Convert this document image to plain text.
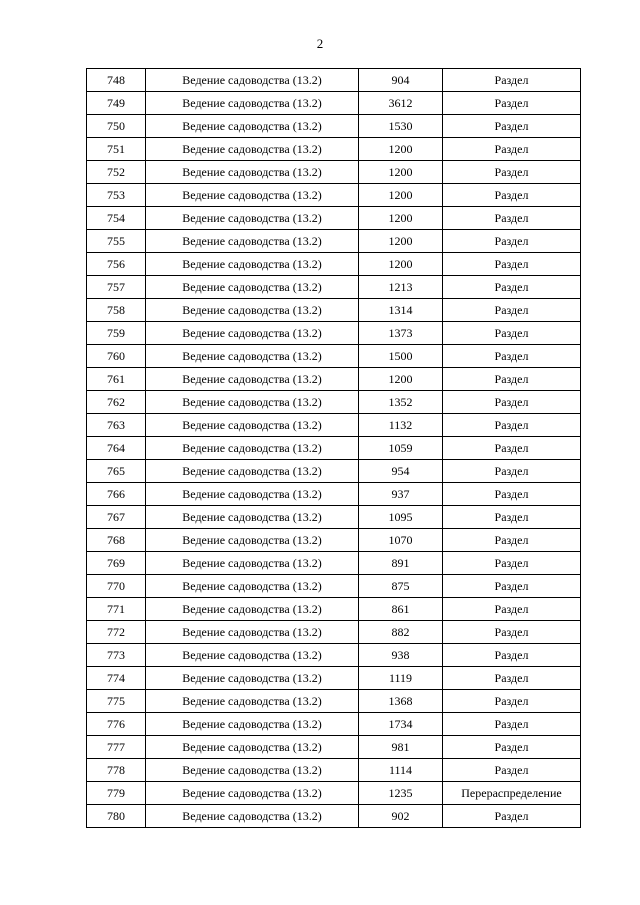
2
748	Ведение садоводства (13.2)	904	Раздел
749	Ведение садоводства (13.2)	3612	Раздел
750	Ведение садоводства (13.2)	1530	Раздел
751	Ведение садоводства (13.2)	1200	Раздел
752	Ведение садоводства (13.2)	1200	Раздел
753	Ведение садоводства (13.2)	1200	Раздел
754	Ведение садоводства (13.2)	1200	Раздел
755	Ведение садоводства (13.2)	1200	Раздел
756	Ведение садоводства (13.2)	1200	Раздел
757	Ведение садоводства (13.2)	1213	Раздел
758	Ведение садоводства (13.2)	1314	Раздел
759	Ведение садоводства (13.2)	1373	Раздел
760	Ведение садоводства (13.2)	1500	Раздел
761	Ведение садоводства (13.2)	1200	Раздел
762	Ведение садоводства (13.2)	1352	Раздел
763	Ведение садоводства (13.2)	1132	Раздел
764	Ведение садоводства (13.2)	1059	Раздел
765	Ведение садоводства (13.2)	954	Раздел
766	Ведение садоводства (13.2)	937	Раздел
767	Ведение садоводства (13.2)	1095	Раздел
768	Ведение садоводства (13.2)	1070	Раздел
769	Ведение садоводства (13.2)	891	Раздел
770	Ведение садоводства (13.2)	875	Раздел
771	Ведение садоводства (13.2)	861	Раздел
772	Ведение садоводства (13.2)	882	Раздел
773	Ведение садоводства (13.2)	938	Раздел
774	Ведение садоводства (13.2)	1119	Раздел
775	Ведение садоводства (13.2)	1368	Раздел
776	Ведение садоводства (13.2)	1734	Раздел
777	Ведение садоводства (13.2)	981	Раздел
778	Ведение садоводства (13.2)	1114	Раздел
779	Ведение садоводства (13.2)	1235	Перераспределение
780	Ведение садоводства (13.2)	902	Раздел
